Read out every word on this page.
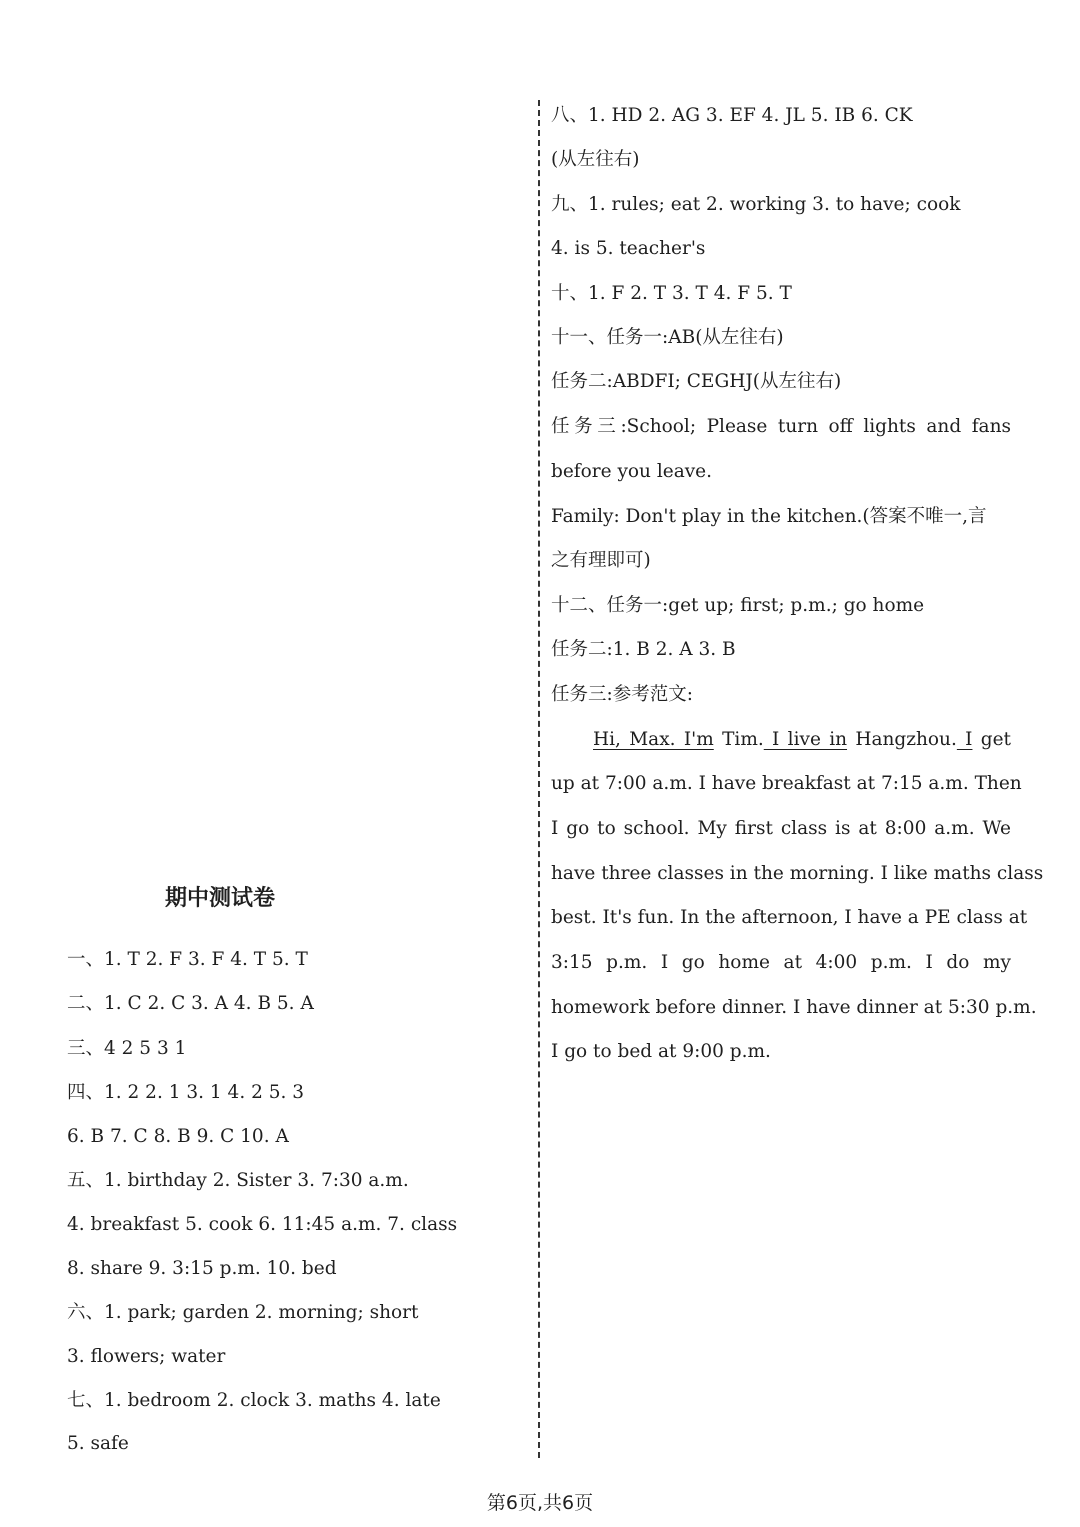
期中测试卷
一、1. T 2. F 3. F 4. T 5. T
二、1. C 2. C 3. A 4. B 5. A
三、4 2 5 3 1
四、1. 2 2. 1 3. 1 4. 2 5. 3
6. B 7. C 8. B 9. C 10. A
五、1. birthday 2. Sister 3. 7:30 a.m.
4. breakfast 5. cook 6. 11:45 a.m. 7. class
8. share 9. 3:15 p.m. 10. bed
六、1. park; garden 2. morning; short
3. flowers; water
七、1. bedroom 2. clock 3. maths 4. late
5. safe
八、1. HD 2. AG 3. EF 4. JL 5. IB 6. CK
(从左往右)
九、1. rules; eat 2. working 3. to have; cook
4. is 5. teacher's
十、1. F 2. T 3. T 4. F 5. T
十一、任务一:AB(从左往右)
任务二:ABDFI; CEGHJ(从左往右)
任务三:School; Please turn off lights and fans
before you leave.
Family: Don't play in the kitchen.(答案不唯一,言
之有理即可)
十二、任务一:get up; first; p.m.; go home
任务二:1. B 2. A 3. B
任务三:参考范文:
Hi, Max. I'm Tim. I live in Hangzhou. I get
up at 7:00 a.m. I have breakfast at 7:15 a.m. Then
I go to school. My first class is at 8:00 a.m. We
have three classes in the morning. I like maths class
best. It's fun. In the afternoon, I have a PE class at
3:15 p.m. I go home at 4:00 p.m. I do my
homework before dinner. I have dinner at 5:30 p.m.
I go to bed at 9:00 p.m.
第6页,共6页
